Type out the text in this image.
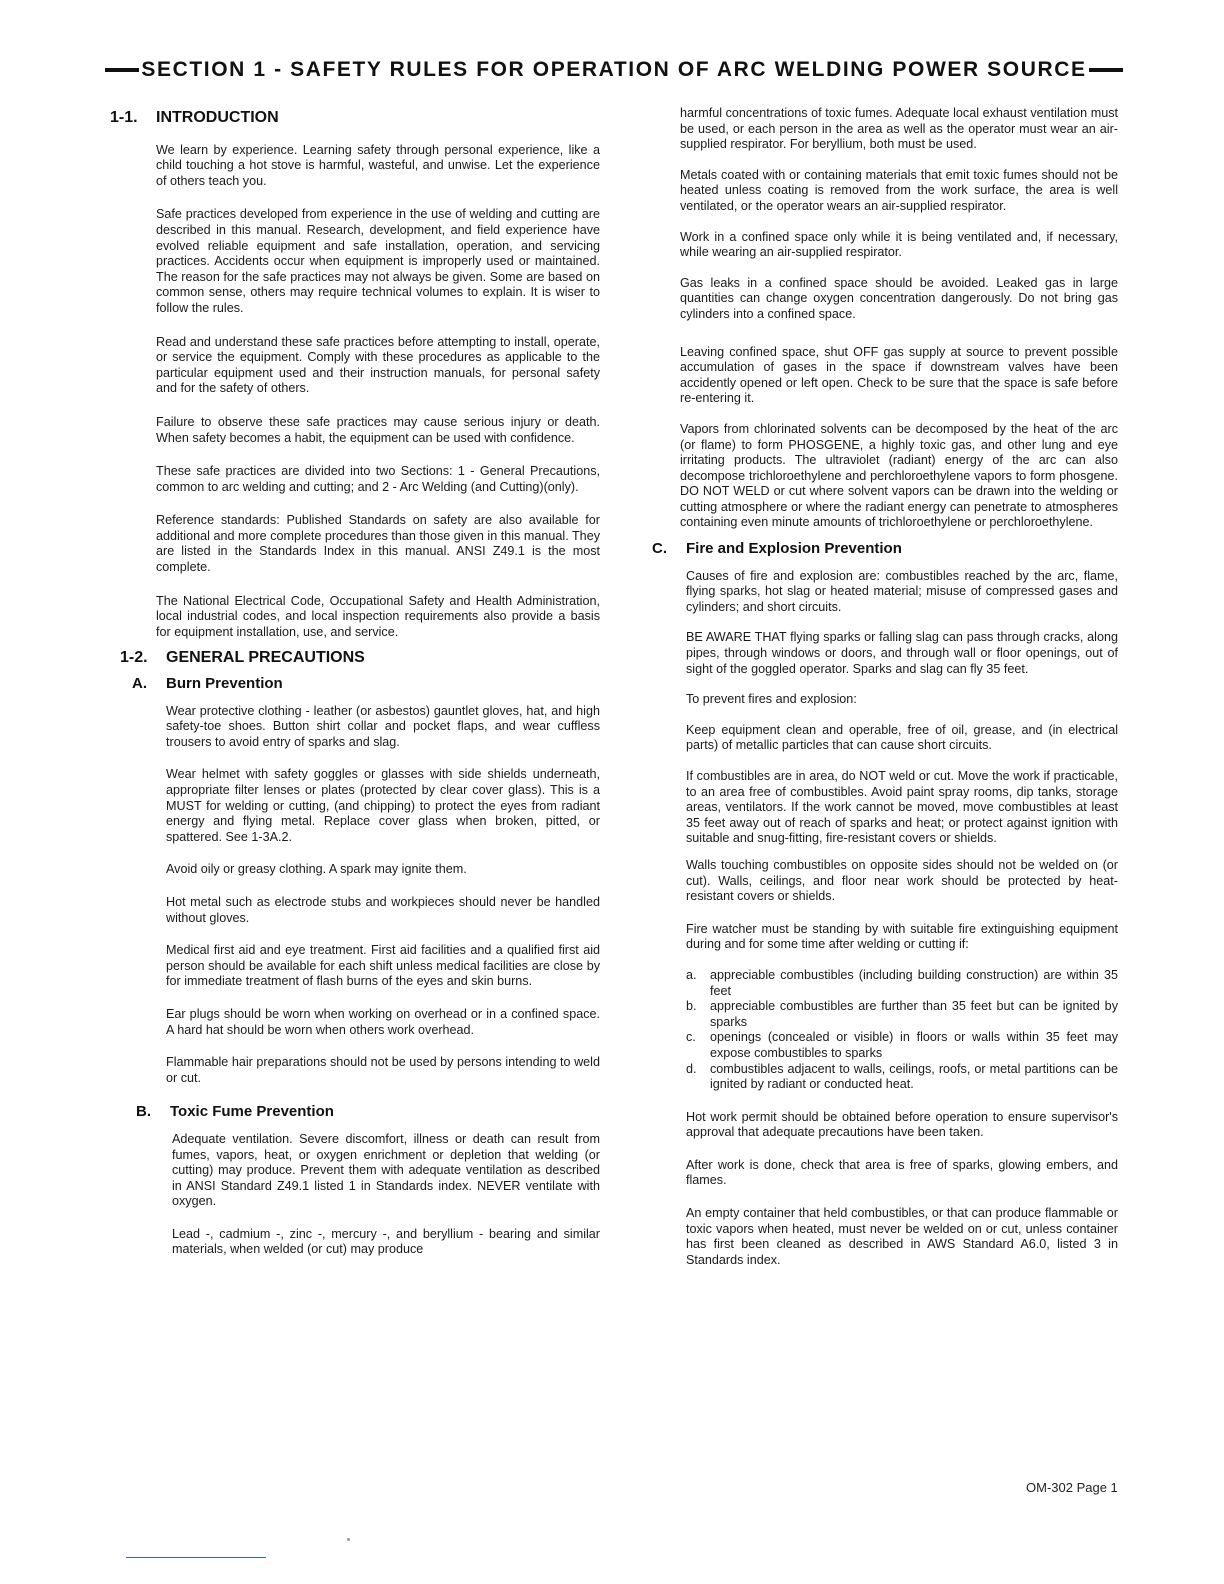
SECTION 1 - SAFETY RULES FOR OPERATION OF ARC WELDING POWER SOURCE
1-1.	INTRODUCTION

We learn by experience. Learning safety through personal experience, like a child touching a hot stove is harmful, wasteful, and unwise. Let the experience of others teach you.

Safe practices developed from experience in the use of welding and cutting are described in this manual. Research, development, and field experience have evolved reliable equipment and safe installation, operation, and servicing practices. Accidents occur when equipment is improperly used or maintained. The reason for the safe practices may not always be given. Some are based on common sense, others may require technical volumes to explain. It is wiser to follow the rules.

Read and understand these safe practices before attempting to install, operate, or service the equipment. Comply with these procedures as applicable to the particular equipment used and their instruction manuals, for personal safety and for the safety of others.

Failure to observe these safe practices may cause serious injury or death. When safety becomes a habit, the equipment can be used with confidence.

These safe practices are divided into two Sections: 1 - General Precautions, common to arc welding and cutting; and 2 - Arc Welding (and Cutting)(only).

Reference standards: Published Standards on safety are also available for additional and more complete procedures than those given in this manual. They are listed in the Standards Index in this manual. ANSI Z49.1 is the most complete.

The National Electrical Code, Occupational Safety and Health Administration, local industrial codes, and local inspection requirements also provide a basis for equipment installation, use, and service.

1-2.	GENERAL PRECAUTIONS
A.	Burn Prevention

Wear protective clothing - leather (or asbestos) gauntlet gloves, hat, and high safety-toe shoes. Button shirt collar and pocket flaps, and wear cuffless trousers to avoid entry of sparks and slag.

Wear helmet with safety goggles or glasses with side shields underneath, appropriate filter lenses or plates (protected by clear cover glass). This is a MUST for welding or cutting, (and chipping) to protect the eyes from radiant energy and flying metal. Replace cover glass when broken, pitted, or spattered. See 1-3A.2.

Avoid oily or greasy clothing. A spark may ignite them.

Hot metal such as electrode stubs and workpieces should never be handled without gloves.

Medical first aid and eye treatment. First aid facilities and a qualified first aid person should be available for each shift unless medical facilities are close by for immediate treatment of flash burns of the eyes and skin burns.

Ear plugs should be worn when working on overhead or in a confined space. A hard hat should be worn when others work overhead.

Flammable hair preparations should not be used by persons intending to weld or cut.

B.	Toxic Fume Prevention

Adequate ventilation. Severe discomfort, illness or death can result from fumes, vapors, heat, or oxygen enrichment or depletion that welding (or cutting) may produce. Prevent them with adequate ventilation as described in ANSI Standard Z49.1 listed 1 in Standards index. NEVER ventilate with oxygen.

Lead -, cadmium -, zinc -, mercury -, and beryllium - bearing and similar materials, when welded (or cut) may produce

harmful concentrations of toxic fumes. Adequate local exhaust ventilation must be used, or each person in the area as well as the operator must wear an air-supplied respirator. For beryllium, both must be used.

Metals coated with or containing materials that emit toxic fumes should not be heated unless coating is removed from the work surface, the area is well ventilated, or the operator wears an air-supplied respirator.

Work in a confined space only while it is being ventilated and, if necessary, while wearing an air-supplied respirator.

Gas leaks in a confined space should be avoided. Leaked gas in large quantities can change oxygen concentration dangerously. Do not bring gas cylinders into a confined space.

Leaving confined space, shut OFF gas supply at source to prevent possible accumulation of gases in the space if downstream valves have been accidently opened or left open. Check to be sure that the space is safe before re-entering it.

Vapors from chlorinated solvents can be decomposed by the heat of the arc (or flame) to form PHOSGENE, a highly toxic gas, and other lung and eye irritating products. The ultraviolet (radiant) energy of the arc can also decompose trichloroethylene and perchloroethylene vapors to form phosgene. DO NOT WELD or cut where solvent vapors can be drawn into the welding or cutting atmosphere or where the radiant energy can penetrate to atmospheres containing even minute amounts of trichloroethylene or perchloroethylene.

C.	Fire and Explosion Prevention

Causes of fire and explosion are: combustibles reached by the arc, flame, flying sparks, hot slag or heated material; misuse of compressed gases and cylinders; and short circuits.

BE AWARE THAT flying sparks or falling slag can pass through cracks, along pipes, through windows or doors, and through wall or floor openings, out of sight of the goggled operator. Sparks and slag can fly 35 feet.

To prevent fires and explosion:

Keep equipment clean and operable, free of oil, grease, and (in electrical parts) of metallic particles that can cause short circuits.

If combustibles are in area, do NOT weld or cut. Move the work if practicable, to an area free of combustibles. Avoid paint spray rooms, dip tanks, storage areas, ventilators. If the work cannot be moved, move combustibles at least 35 feet away out of reach of sparks and heat; or protect against ignition with suitable and snug-fitting, fire-resistant covers or shields.

Walls touching combustibles on opposite sides should not be welded on (or cut). Walls, ceilings, and floor near work should be protected by heat-resistant covers or shields.

Fire watcher must be standing by with suitable fire extinguishing equipment during and for some time after welding or cutting if:

a.	appreciable combustibles (including building construction) are within 35 feet
b.	appreciable combustibles are further than 35 feet but can be ignited by sparks
c.	openings (concealed or visible) in floors or walls within 35 feet may expose combustibles to sparks
d.	combustibles adjacent to walls, ceilings, roofs, or metal partitions can be ignited by radiant or conducted heat.

Hot work permit should be obtained before operation to ensure supervisor's approval that adequate precautions have been taken.

After work is done, check that area is free of sparks, glowing embers, and flames.

An empty container that held combustibles, or that can produce flammable or toxic vapors when heated, must never be welded on or cut, unless container has first been cleaned as described in AWS Standard A6.0, listed 3 in Standards index.

OM-302 Page 1
